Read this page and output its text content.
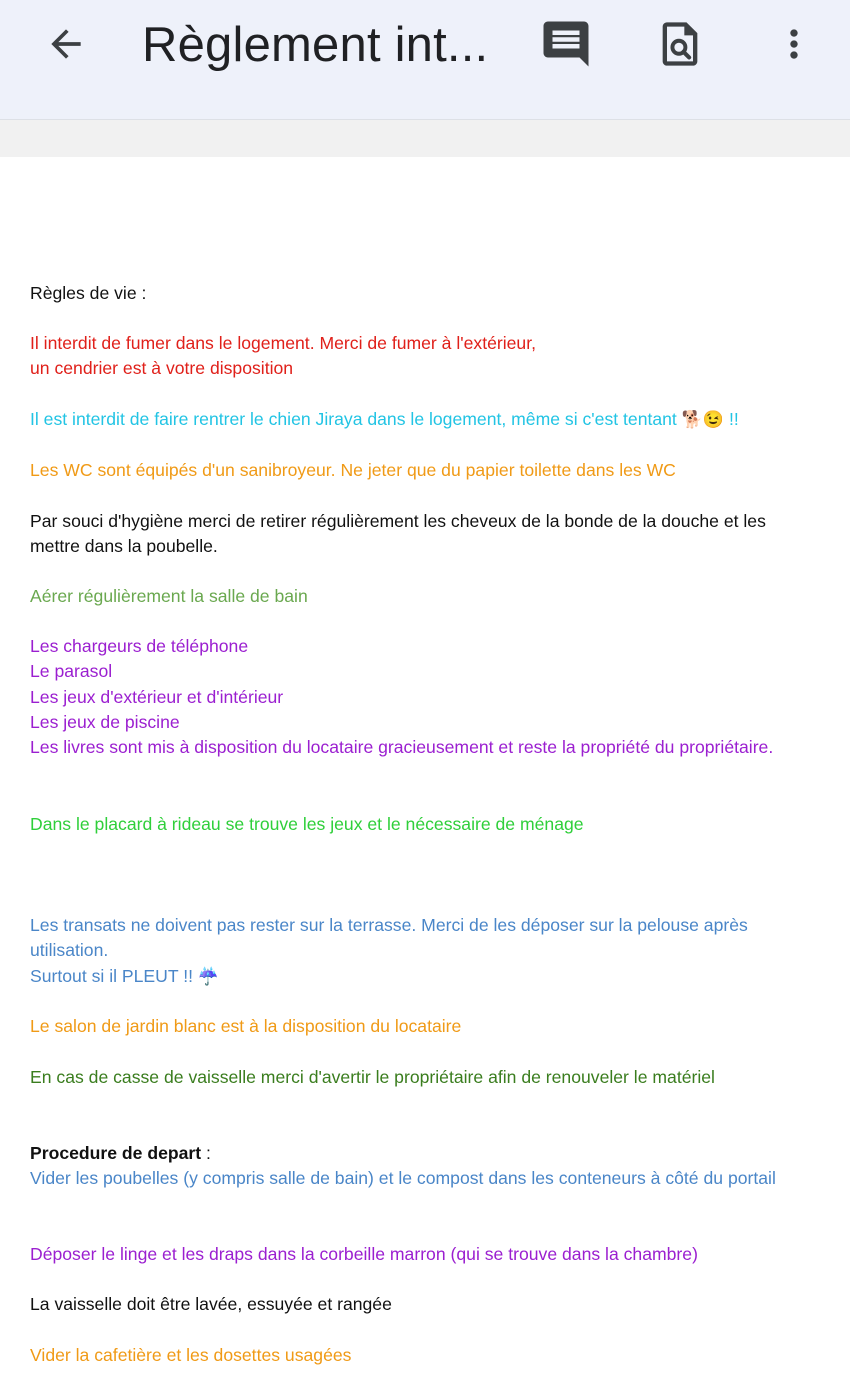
Règlement int...

Règles de vie :

Il interdit de fumer dans le logement. Merci de fumer à l'extérieur,
un cendrier est à votre disposition

Il est interdit de faire rentrer le chien Jiraya dans le logement, même si c'est tentant 🐕😉 !!

Les WC sont équipés d'un sanibroyeur. Ne jeter que du papier toilette dans les WC

Par souci d'hygiène merci de retirer régulièrement les cheveux de la bonde de la douche et les mettre dans la poubelle.

Aérer régulièrement la salle de bain

Les chargeurs de téléphone
Le parasol
Les jeux d'extérieur et d'intérieur
Les jeux de piscine
Les livres sont mis à disposition du locataire gracieusement et reste la propriété du propriétaire.

Dans le placard à rideau se trouve les jeux et le nécessaire de ménage

Les transats ne doivent pas rester sur la terrasse. Merci de les déposer sur la pelouse après utilisation.
Surtout si il PLEUT !! ☔

Le salon de jardin blanc est à la disposition du locataire

En cas de casse de vaisselle merci d'avertir le propriétaire afin de renouveler le matériel

Procedure de depart :

Vider les poubelles (y compris salle de bain) et le compost dans les conteneurs à côté du portail

Déposer le linge et les draps dans la corbeille marron (qui se trouve dans la chambre)

La vaisselle doit être lavée, essuyée et rangée

Vider la cafetière et les dosettes usagées
